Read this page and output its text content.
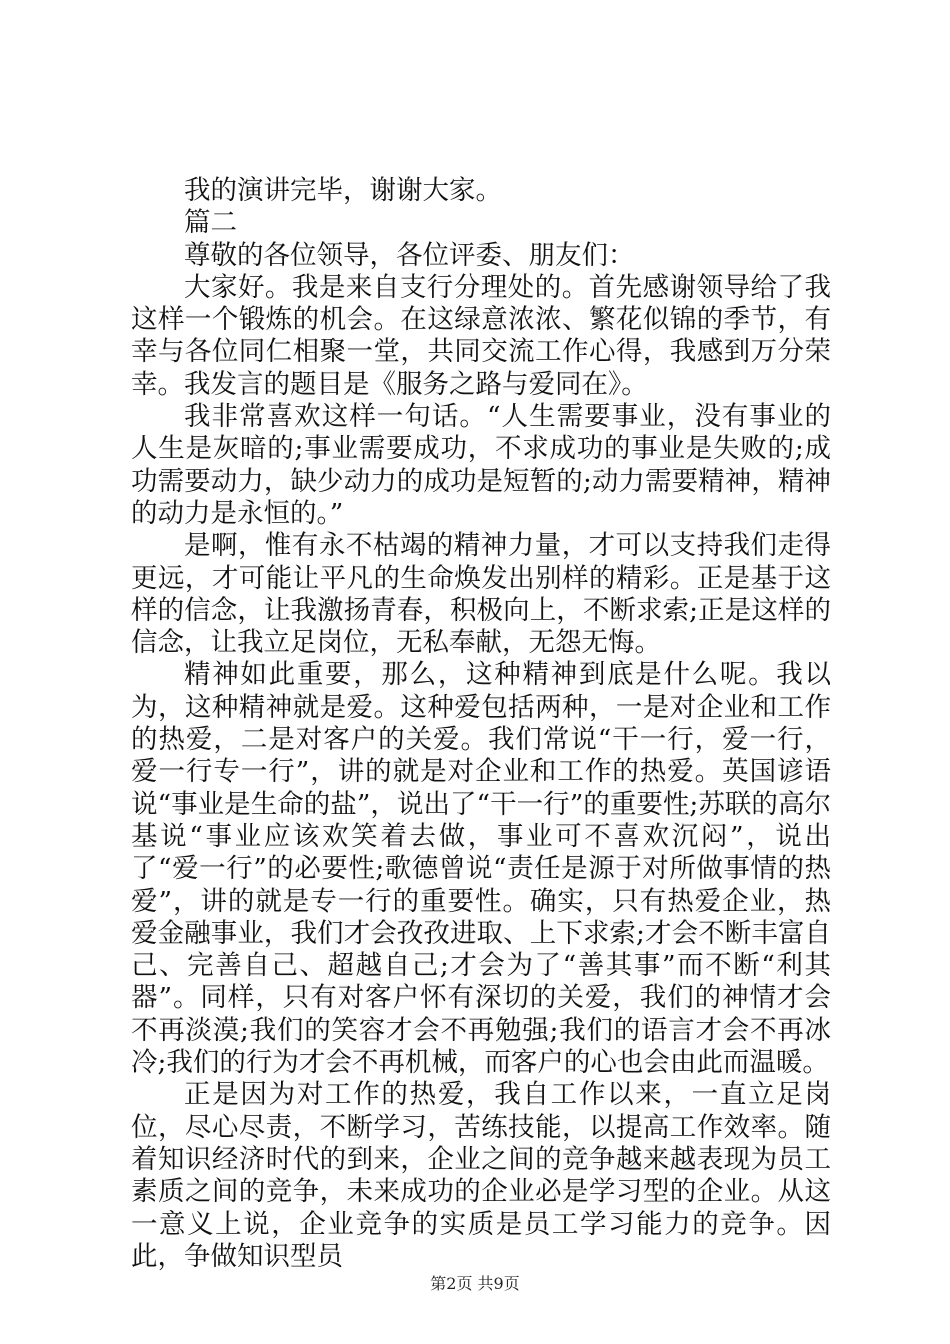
我的演讲完毕，谢谢大家。

篇二

尊敬的各位领导，各位评委、朋友们：

大家好。我是来自支行分理处的。首先感谢领导给了我这样一个锻炼的机会。在这绿意浓浓、繁花似锦的季节，有幸与各位同仁相聚一堂，共同交流工作心得，我感到万分荣幸。我发言的题目是《服务之路与爱同在》。

我非常喜欢这样一句话。“人生需要事业，没有事业的人生是灰暗的;事业需要成功，不求成功的事业是失败的;成功需要动力，缺少动力的成功是短暂的;动力需要精神，精神的动力是永恒的。”

是啊，惟有永不枯竭的精神力量，才可以支持我们走得更远，才可能让平凡的生命焕发出别样的精彩。正是基于这样的信念，让我激扬青春，积极向上，不断求索;正是这样的信念，让我立足岗位，无私奉献，无怨无悔。

精神如此重要，那么，这种精神到底是什么呢。我以为，这种精神就是爱。这种爱包括两种，一是对企业和工作的热爱，二是对客户的关爱。我们常说“干一行，爱一行，爱一行专一行”，讲的就是对企业和工作的热爱。英国谚语说“事业是生命的盐”，说出了“干一行”的重要性;苏联的高尔基说“事业应该欢笑着去做，事业可不喜欢沉闷”，说出了“爱一行”的必要性;歌德曾说“责任是源于对所做事情的热爱”，讲的就是专一行的重要性。确实，只有热爱企业，热爱金融事业，我们才会孜孜进取、上下求索;才会不断丰富自己、完善自己、超越自己;才会为了“善其事”而不断“利其器”。同样，只有对客户怀有深切的关爱，我们的神情才会不再淡漠;我们的笑容才会不再勉强;我们的语言才会不再冰冷;我们的行为才会不再机械，而客户的心也会由此而温暖。

正是因为对工作的热爱，我自工作以来，一直立足岗位，尽心尽责，不断学习，苦练技能，以提高工作效率。随着知识经济时代的到来，企业之间的竞争越来越表现为员工素质之间的竞争，未来成功的企业必是学习型的企业。从这一意义上说，企业竞争的实质是员工学习能力的竞争。因此，争做知识型员

第2页 共9页
